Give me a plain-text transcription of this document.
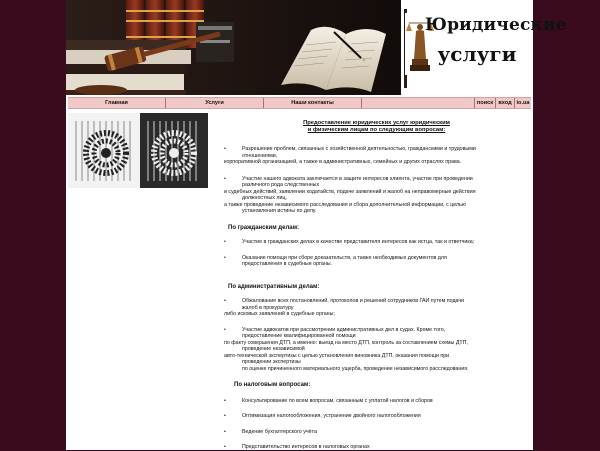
Юридические
услуги
Главная	Услуги	Наши контакты	поиск вход io.ua
Предоставление юридических услуг юридическим
и физическим лицам по следующим вопросам:
•	Разрешение проблем, связанных с хозяйственной деятельностью, гражданскими и трудовыми
отношениями,
корпоративной организацией, а также в административных, семейных и других отраслях права.
•	Участие нашего адвоката заключается в защите интересов клиента, участие при проведении
различного рода следственных
и судебных действий, заявлении ходатайств, подаче заявлений и жалоб на неправомерные действия
должностных лиц,
а также проведение независимого расследования и сбора дополнительной информации, с целью
установления истины по делу.
По гражданским делам:
•	Участие в гражданских делах в качестве представителя интересов как истца, так и ответчика;
•	Оказание помощи при сборе доказательств, а также необходимых документов для
предоставления в судебные органы.
По административным делам:
•	Обжалование всех постановлений, протоколов и решений сотрудников ГАИ путем подачи
жалоб в прокуратуру
либо исковых заявлений в судебные органы;
•	Участие адвокатов при рассмотрении административных дел в судах. Кроме того,
предоставление квалифицированной помощи
по факту совершения ДТП, а именно: выезд на место ДТП, контроль за составлением схемы ДТП,
проведение независимой
авто-технической экспертизы с целью установления виновника ДТП, оказания помощи при
проведении экспертизы
по оценке причиненного материального ущерба, проведение независимого расследования.
По налоговым вопросам:
•	Консультирование по всем вопросам, связанным с уплатой налогов и сборов
•	Оптимизация налогообложения, устранение двойного налогообложения
•	Ведение бухгалтерского учёта
•	Представительство интересов в налоговых органах
